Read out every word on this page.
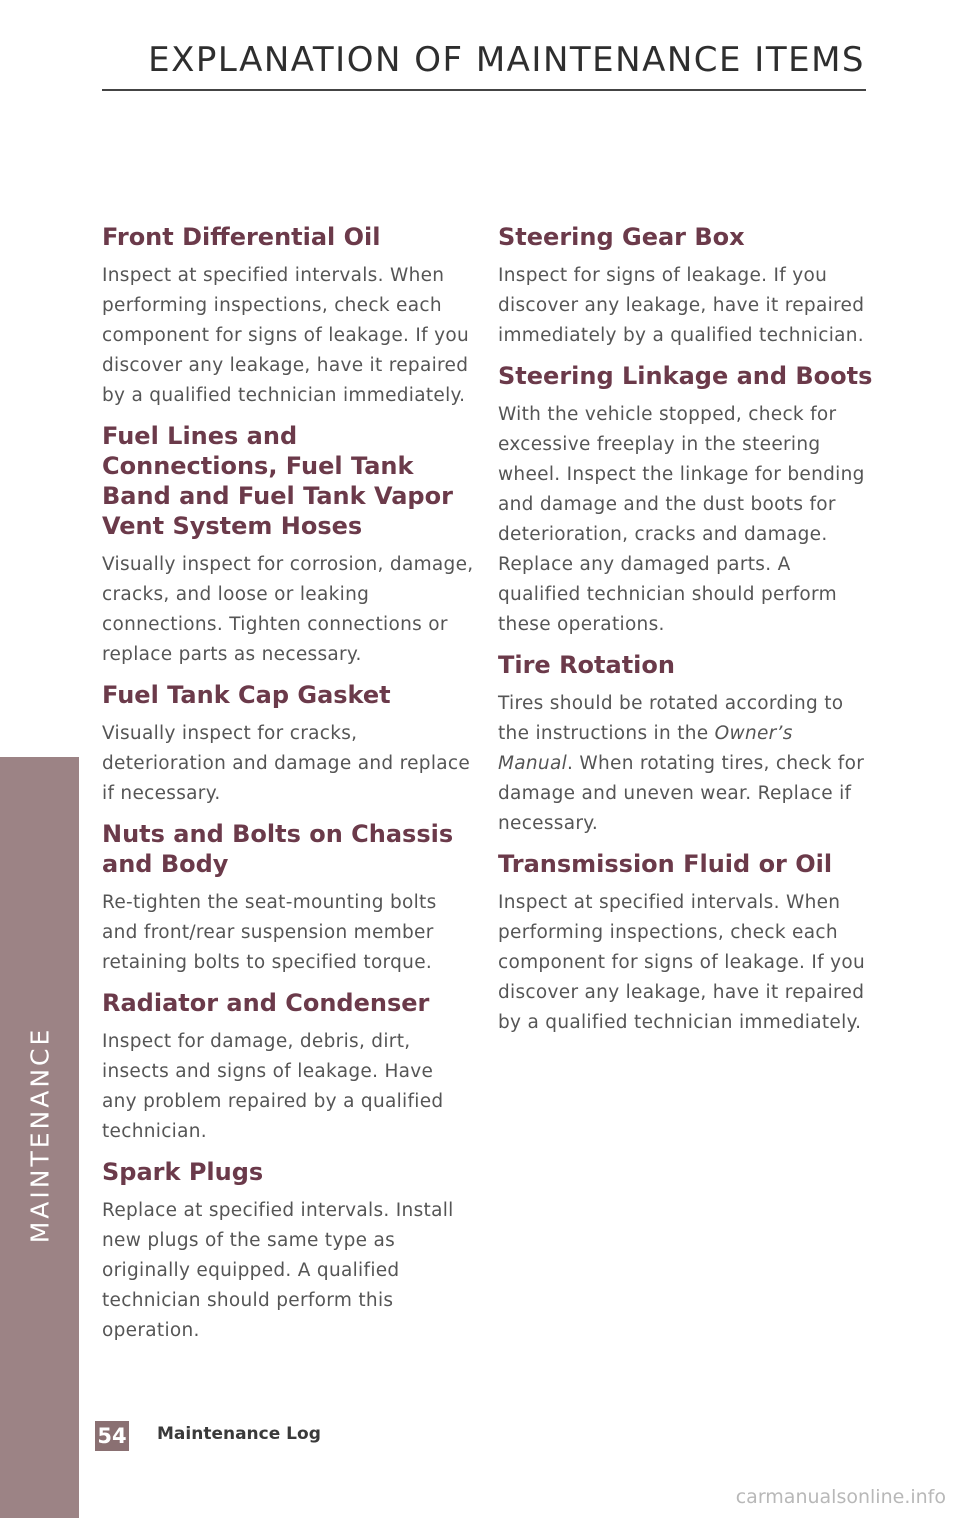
EXPLANATION OF MAINTENANCE ITEMS
Front Differential Oil

Inspect at specified intervals. When performing inspections, check each component for signs of leakage. If you discover any leakage, have it repaired by a qualified technician immediately.

Fuel Lines and Connections, Fuel Tank Band and Fuel Tank Vapor Vent System Hoses

Visually inspect for corrosion, damage, cracks, and loose or leaking connections. Tighten connections or replace parts as necessary.

Fuel Tank Cap Gasket

Visually inspect for cracks, deterioration and damage and replace if necessary.

Nuts and Bolts on Chassis and Body

Re-tighten the seat-mounting bolts and front/rear suspension member retaining bolts to specified torque.

Radiator and Condenser

Inspect for damage, debris, dirt, insects and signs of leakage. Have any problem repaired by a qualified technician.

Spark Plugs

Replace at specified intervals. Install new plugs of the same type as originally equipped. A qualified technician should perform this operation.

Steering Gear Box

Inspect for signs of leakage. If you discover any leakage, have it repaired immediately by a qualified technician.

Steering Linkage and Boots

With the vehicle stopped, check for excessive freeplay in the steering wheel. Inspect the linkage for bending and damage and the dust boots for deterioration, cracks and damage. Replace any damaged parts. A qualified technician should perform these operations.

Tire Rotation

Tires should be rotated according to the instructions in the Owner’s Manual. When rotating tires, check for damage and uneven wear. Replace if necessary.

Transmission Fluid or Oil

Inspect at specified intervals. When performing inspections, check each component for signs of leakage. If you discover any leakage, have it repaired by a qualified technician immediately.

MAINTENANCE
54 Maintenance Log
carmanualsonline.info
